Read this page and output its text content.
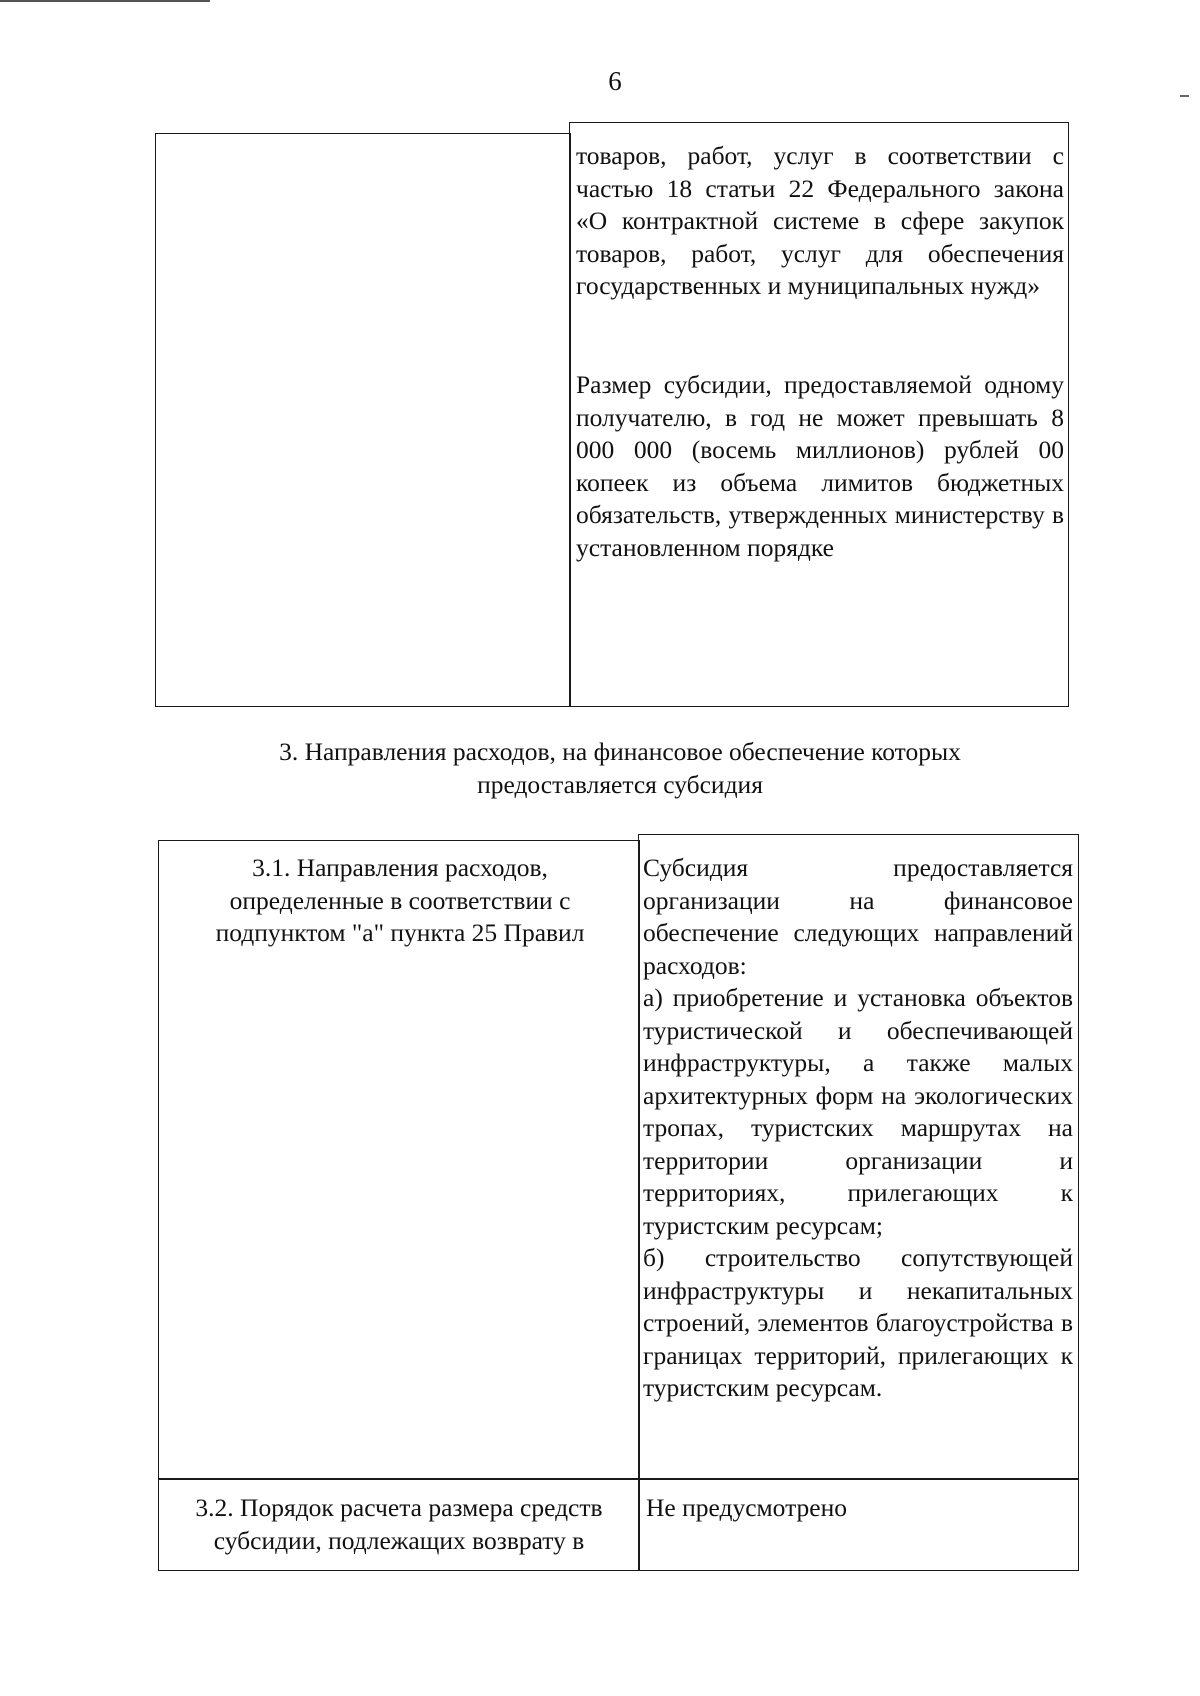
6
товаров, работ, услуг в соответствии с частью 18 статьи 22 Федерального закона «О контрактной системе в сфере закупок товаров, работ, услуг для обеспечения государственных и муниципальных нужд»
Размер субсидии, предоставляемой одному получателю, в год не может превышать 8 000 000 (восемь миллионов) рублей 00 копеек из объема лимитов бюджетных обязательств, утвержденных министерству в установленном порядке
3. Направления расходов, на финансовое обеспечение которых предоставляется субсидия
3.1. Направления расходов, определенные в соответствии с подпунктом "а" пункта 25 Правил
Субсидия предоставляется организации на финансовое обеспечение следующих направлений расходов:
а) приобретение и установка объектов туристической и обеспечивающей инфраструктуры, а также малых архитектурных форм на экологических тропах, туристских маршрутах на территории организации и территориях, прилегающих к туристским ресурсам;
б) строительство сопутствующей инфраструктуры и некапитальных строений, элементов благоустройства в границах территорий, прилегающих к туристским ресурсам.
3.2. Порядок расчета размера средств субсидии, подлежащих возврату в
Не предусмотрено
